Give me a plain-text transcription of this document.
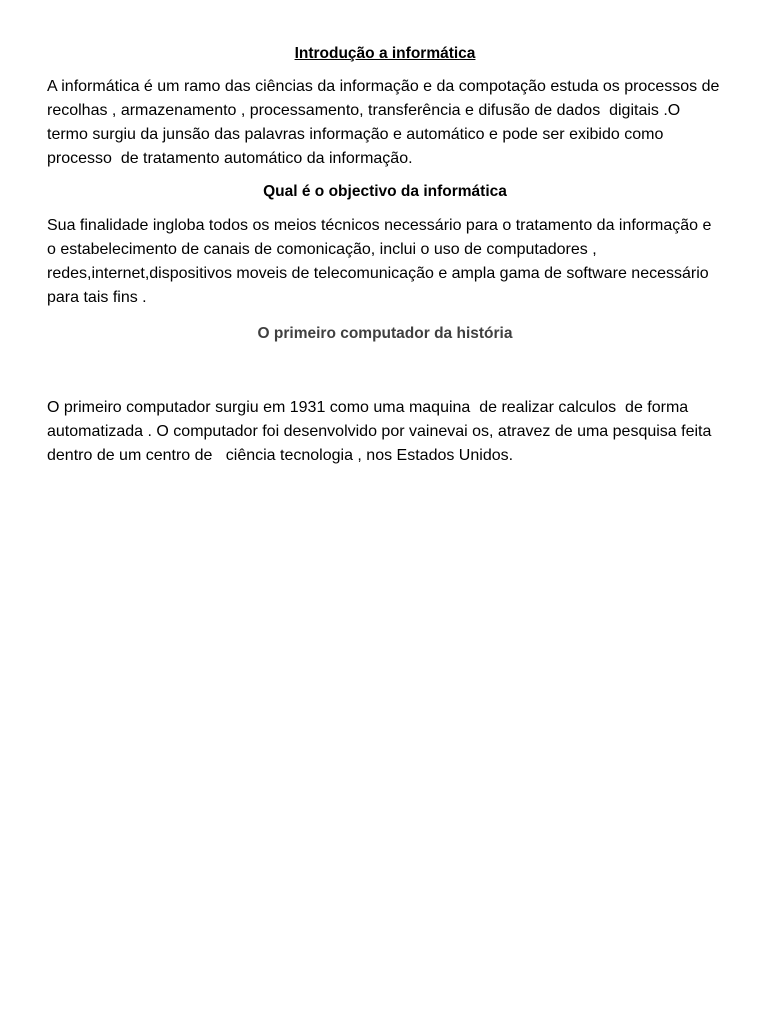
Introdução a informática

A informática é um ramo das ciências da informação e da compotação estuda os processos de recolhas , armazenamento , processamento, transferência e difusão de dados  digitais .O termo surgiu da junsão das palavras informação e automático e pode ser exibido como processo  de tratamento automático da informação.

Qual é o objectivo da informática

Sua finalidade ingloba todos os meios técnicos necessário para o tratamento da informação e o estabelecimento de canais de comonicação, inclui o uso de computadores , redes,internet,dispositivos moveis de telecomunicação e ampla gama de software necessário para tais fins .

O primeiro computador da história

O primeiro computador surgiu em 1931 como uma maquina  de realizar calculos  de forma automatizada . O computador foi desenvolvido por vainevai os, atravez de uma pesquisa feita dentro de um centro de   ciência tecnologia , nos Estados Unidos.
